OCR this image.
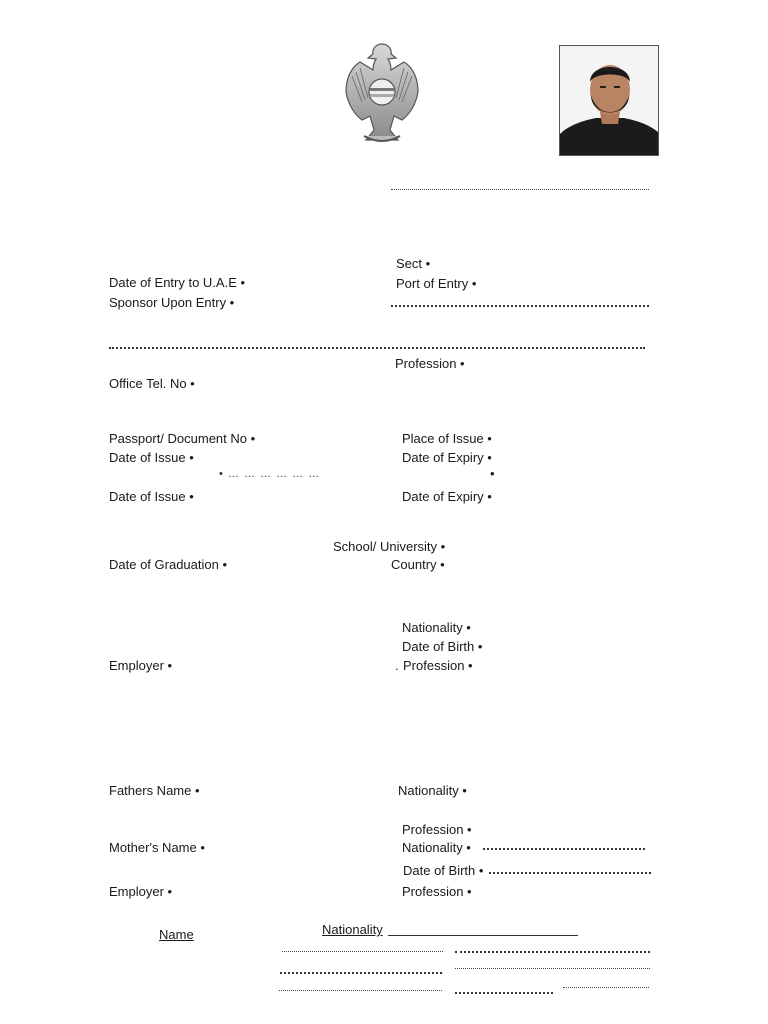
Sect •
Date of Entry to U.A.E •	Port of Entry •
Sponsor Upon Entry •
Profession •
Office Tel. No •
Passport/ Document No •	Place of Issue •
Date of Issue •	Date of Expiry •
• … … … … … …	•
Date of Issue •	Date of Expiry •
School/ University •
Date of Graduation •	Country •
Nationality •
Date of Birth •
Employer •	. Profession •
Fathers Name •	Nationality •
Profession •
Mother's Name •	Nationality •
Date of Birth •
Employer •	Profession •
Name	Nationality
